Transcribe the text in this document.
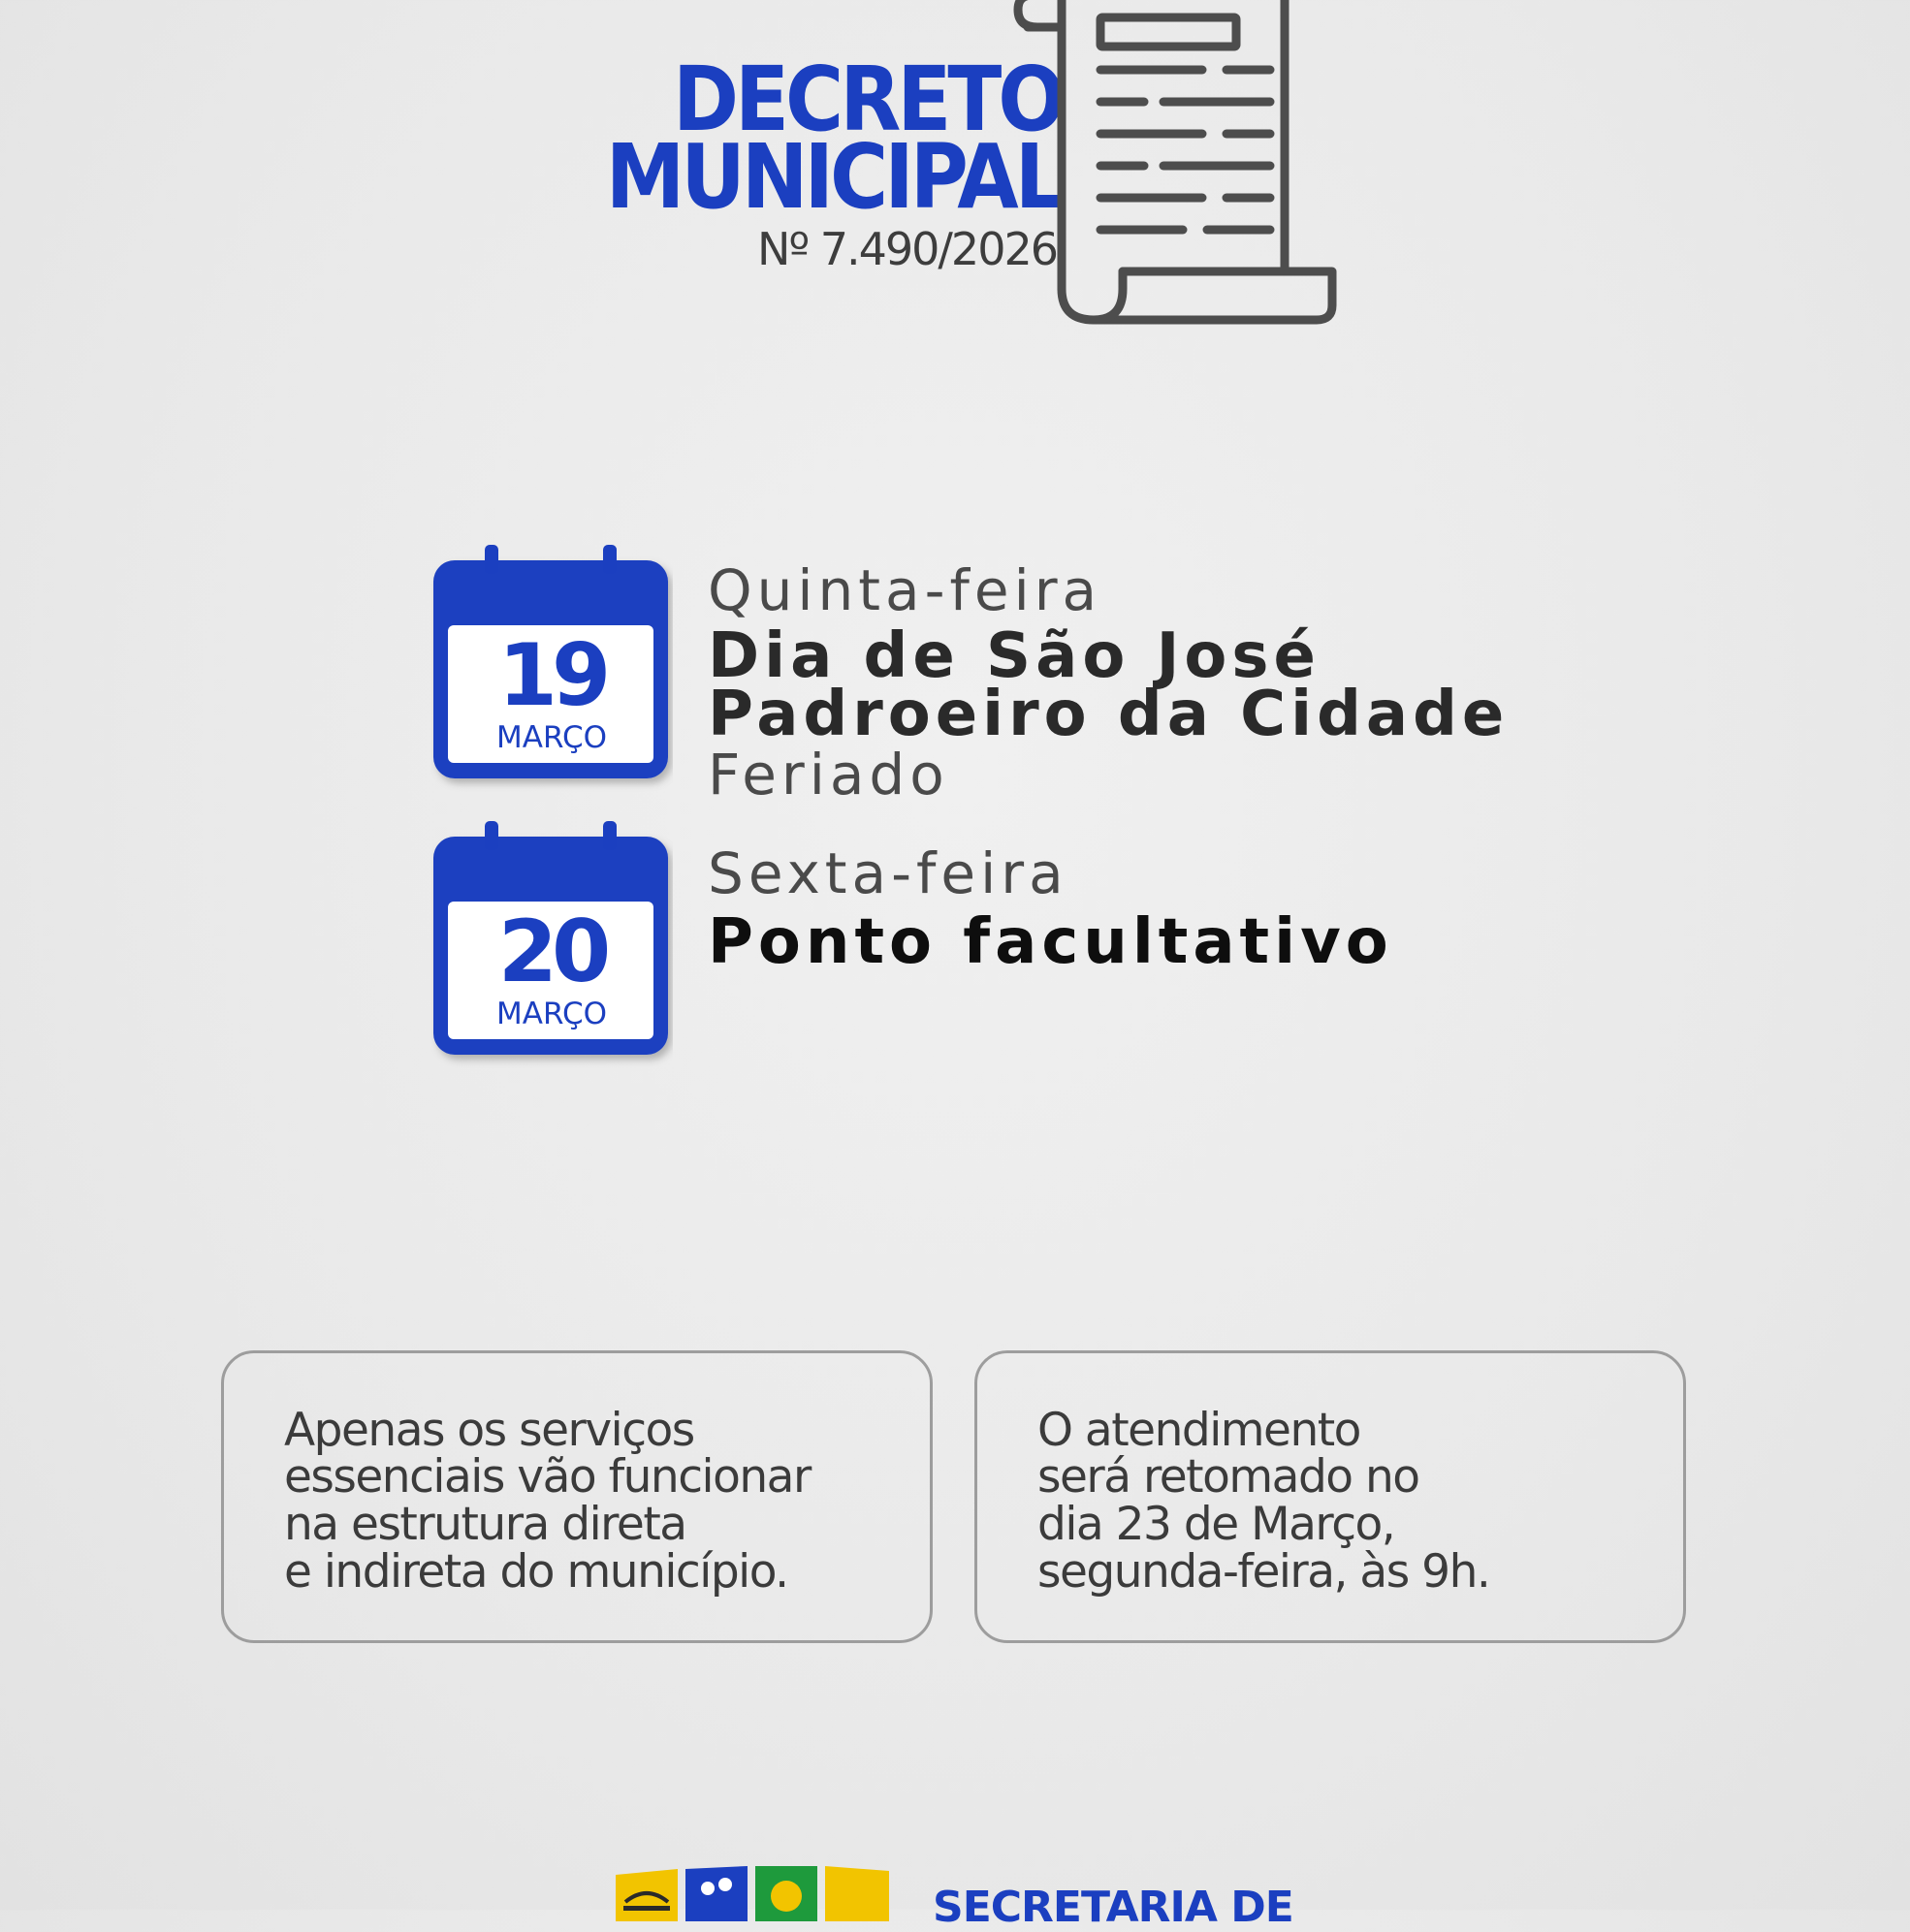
DECRETO
MUNICIPAL
Nº 7.490/2026
19
MARÇO
Quinta-feira
Dia de São José
Padroeiro da Cidade
Feriado
20
MARÇO
Sexta-feira
Ponto facultativo
Apenas os serviços
essenciais vão funcionar
na estrutura direta
e indireta do município.
O atendimento
será retomado no
dia 23 de Março,
segunda-feira, às 9h.
SECRETARIA DE
